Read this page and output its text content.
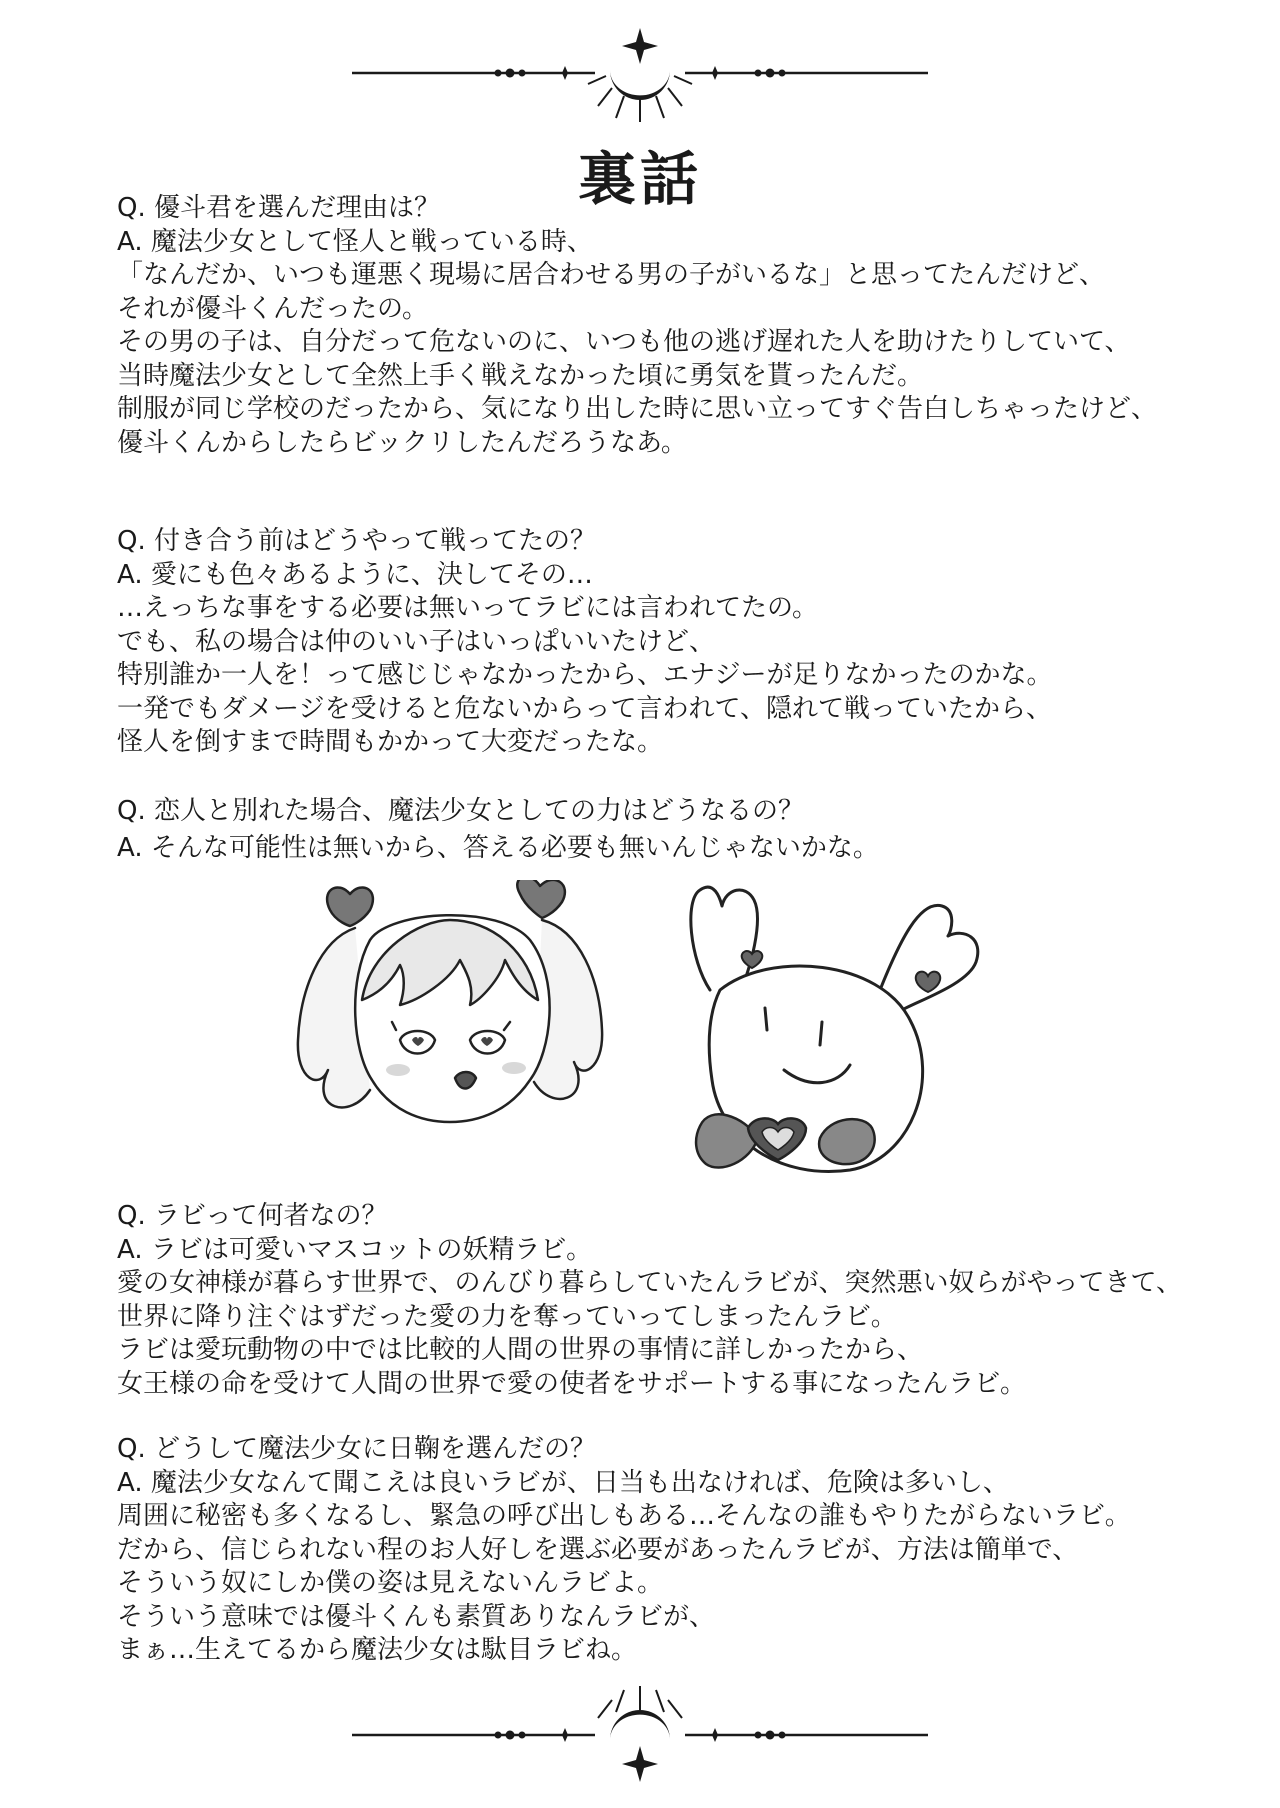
裏話

Q. 優斗君を選んだ理由は？

A. 魔法少女として怪人と戦っている時、

「なんだか、いつも運悪く現場に居合わせる男の子がいるな」と思ってたんだけど、

それが優斗くんだったの。

その男の子は、自分だって危ないのに、いつも他の逃げ遅れた人を助けたりしていて、

当時魔法少女として全然上手く戦えなかった頃に勇気を貰ったんだ。

制服が同じ学校のだったから、気になり出した時に思い立ってすぐ告白しちゃったけど、

優斗くんからしたらビックリしたんだろうなあ。

Q. 付き合う前はどうやって戦ってたの？

A. 愛にも色々あるように、決してその…

…えっちな事をする必要は無いってラビには言われてたの。

でも、私の場合は仲のいい子はいっぱいいたけど、

特別誰か一人を！って感じじゃなかったから、エナジーが足りなかったのかな。

一発でもダメージを受けると危ないからって言われて、隠れて戦っていたから、

怪人を倒すまで時間もかかって大変だったな。

Q. 恋人と別れた場合、魔法少女としての力はどうなるの？

A. そんな可能性は無いから、答える必要も無いんじゃないかな。

Q. ラビって何者なの？

A. ラビは可愛いマスコットの妖精ラビ。

愛の女神様が暮らす世界で、のんびり暮らしていたんラビが、突然悪い奴らがやってきて、

世界に降り注ぐはずだった愛の力を奪っていってしまったんラビ。

ラビは愛玩動物の中では比較的人間の世界の事情に詳しかったから、

女王様の命を受けて人間の世界で愛の使者をサポートする事になったんラビ。

Q. どうして魔法少女に日鞠を選んだの？

A. 魔法少女なんて聞こえは良いラビが、日当も出なければ、危険は多いし、

周囲に秘密も多くなるし、緊急の呼び出しもある…そんなの誰もやりたがらないラビ。

だから、信じられない程のお人好しを選ぶ必要があったんラビが、方法は簡単で、

そういう奴にしか僕の姿は見えないんラビよ。

そういう意味では優斗くんも素質ありなんラビが、

まぁ…生えてるから魔法少女は駄目ラビね。
